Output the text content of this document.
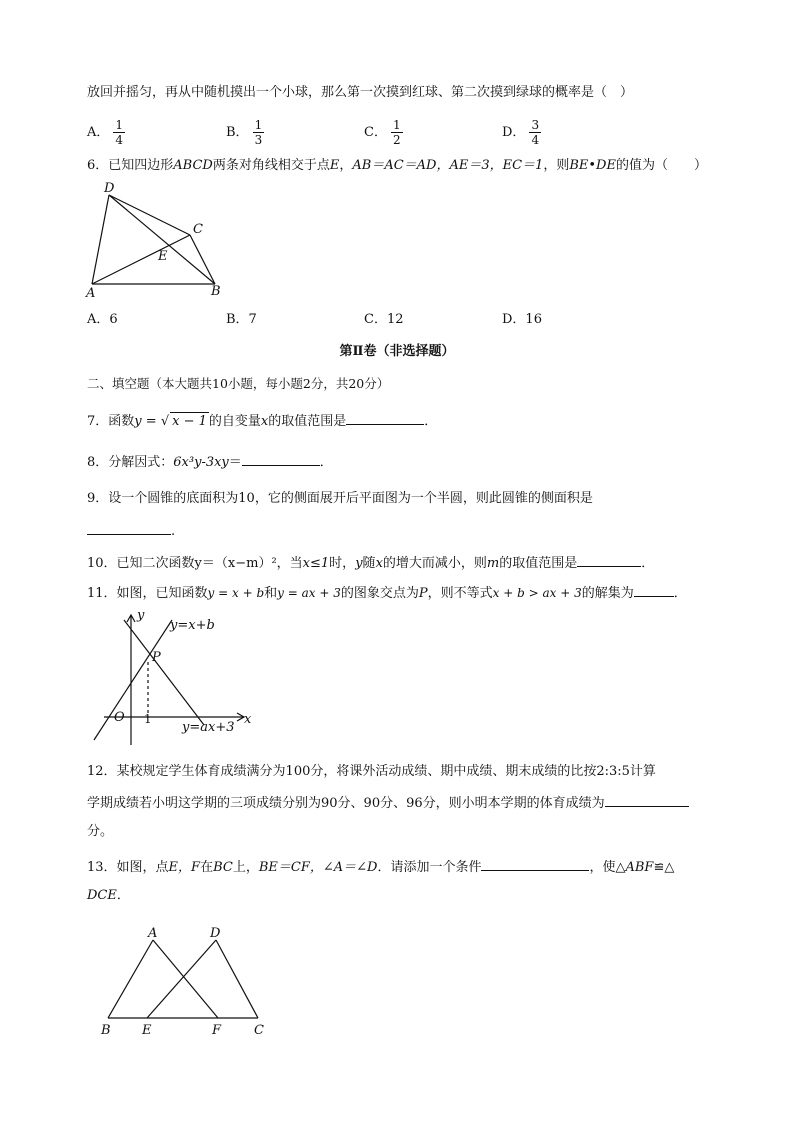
放回并摇匀，再从中随机摸出一个小球，那么第一次摸到红球、第二次摸到绿球的概率是（　）
A． $\frac{1}{4}$	B． $\frac{1}{3}$	C． $\frac{1}{2}$	D． $\frac{3}{4}$
6．已知四边形ABCD两条对角线相交于点E，AB＝AC＝AD，AE＝3，EC＝1，则BE•DE的值为（　　）
D
C
E
A	B
A．6	B．7	C．12	D．16
第Ⅱ卷（非选择题）
二、填空题（本大题共10小题，每小题2分，共20分）
7．函数y = √ x − 1 的自变量x的取值范围是	．
8．分解因式：6x³y-3xy＝	．
9．设一个圆锥的底面积为10，它的侧面展开后平面图为一个半圆，则此圆锥的侧面积是
.
10．已知二次函数y＝（x−m）²，当x≤1时，y随x的增大而减小，则m的取值范围是	．
11．如图，已知函数y = x + b和y = ax + 3的图象交点为P，则不等式x + b > ax + 3的解集为	．
y
y=x+b
P
O 1
y=ax+3
x
12．某校规定学生体育成绩满分为100分，将课外活动成绩、期中成绩、期末成绩的比按2:3:5计算
学期成绩若小明这学期的三项成绩分别为90分、90分、96分，则小明本学期的体育成绩为
分。
13．如图，点E，F在BC上，BE＝CF，∠A＝∠D．请添加一个条件	，使△ABF≌△
DCE．
A	D
B E	F	C
